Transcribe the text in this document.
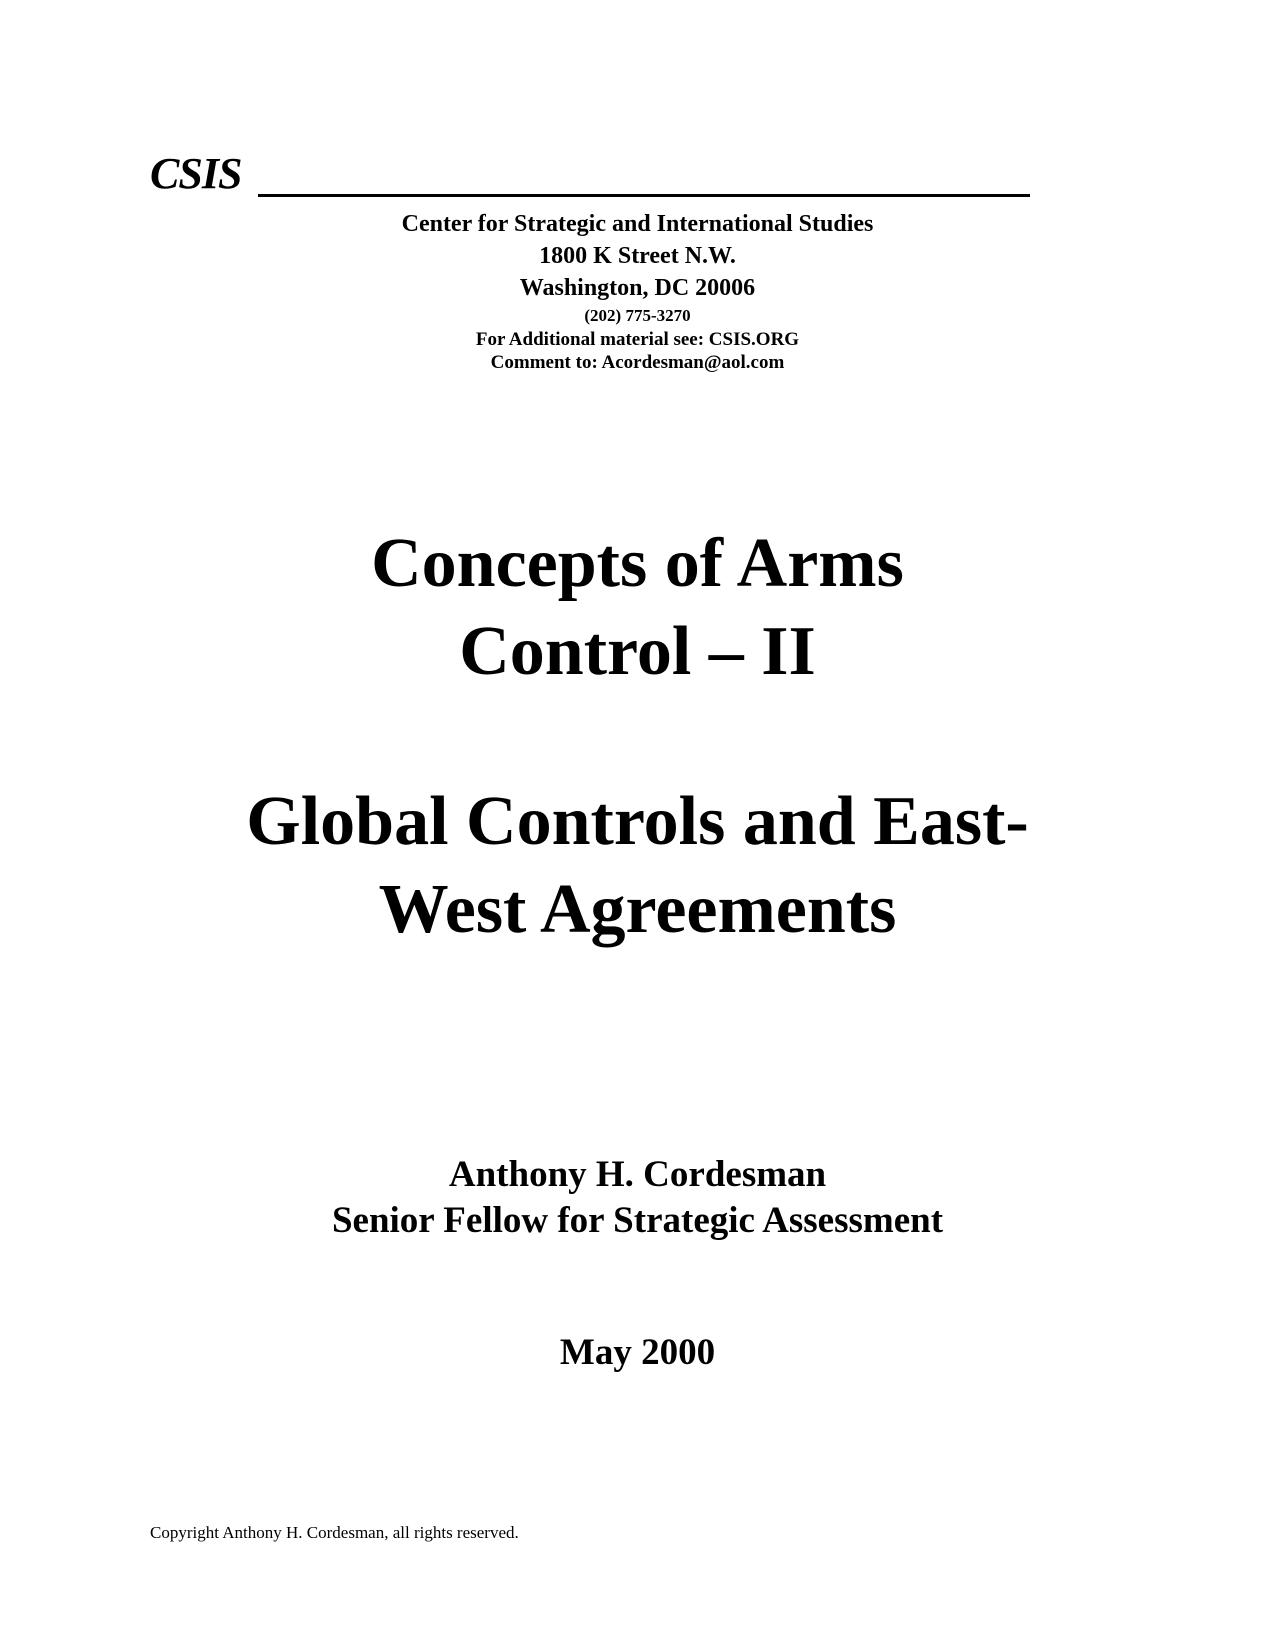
CSIS
Center for Strategic and International Studies
1800 K Street N.W.
Washington, DC 20006
(202) 775-3270
For Additional material see: CSIS.ORG
Comment to: Acordesman@aol.com
Concepts of Arms
Control – II
Global Controls and East-
West Agreements
Anthony H. Cordesman
Senior Fellow for Strategic Assessment
May 2000
Copyright Anthony H. Cordesman, all rights reserved.
